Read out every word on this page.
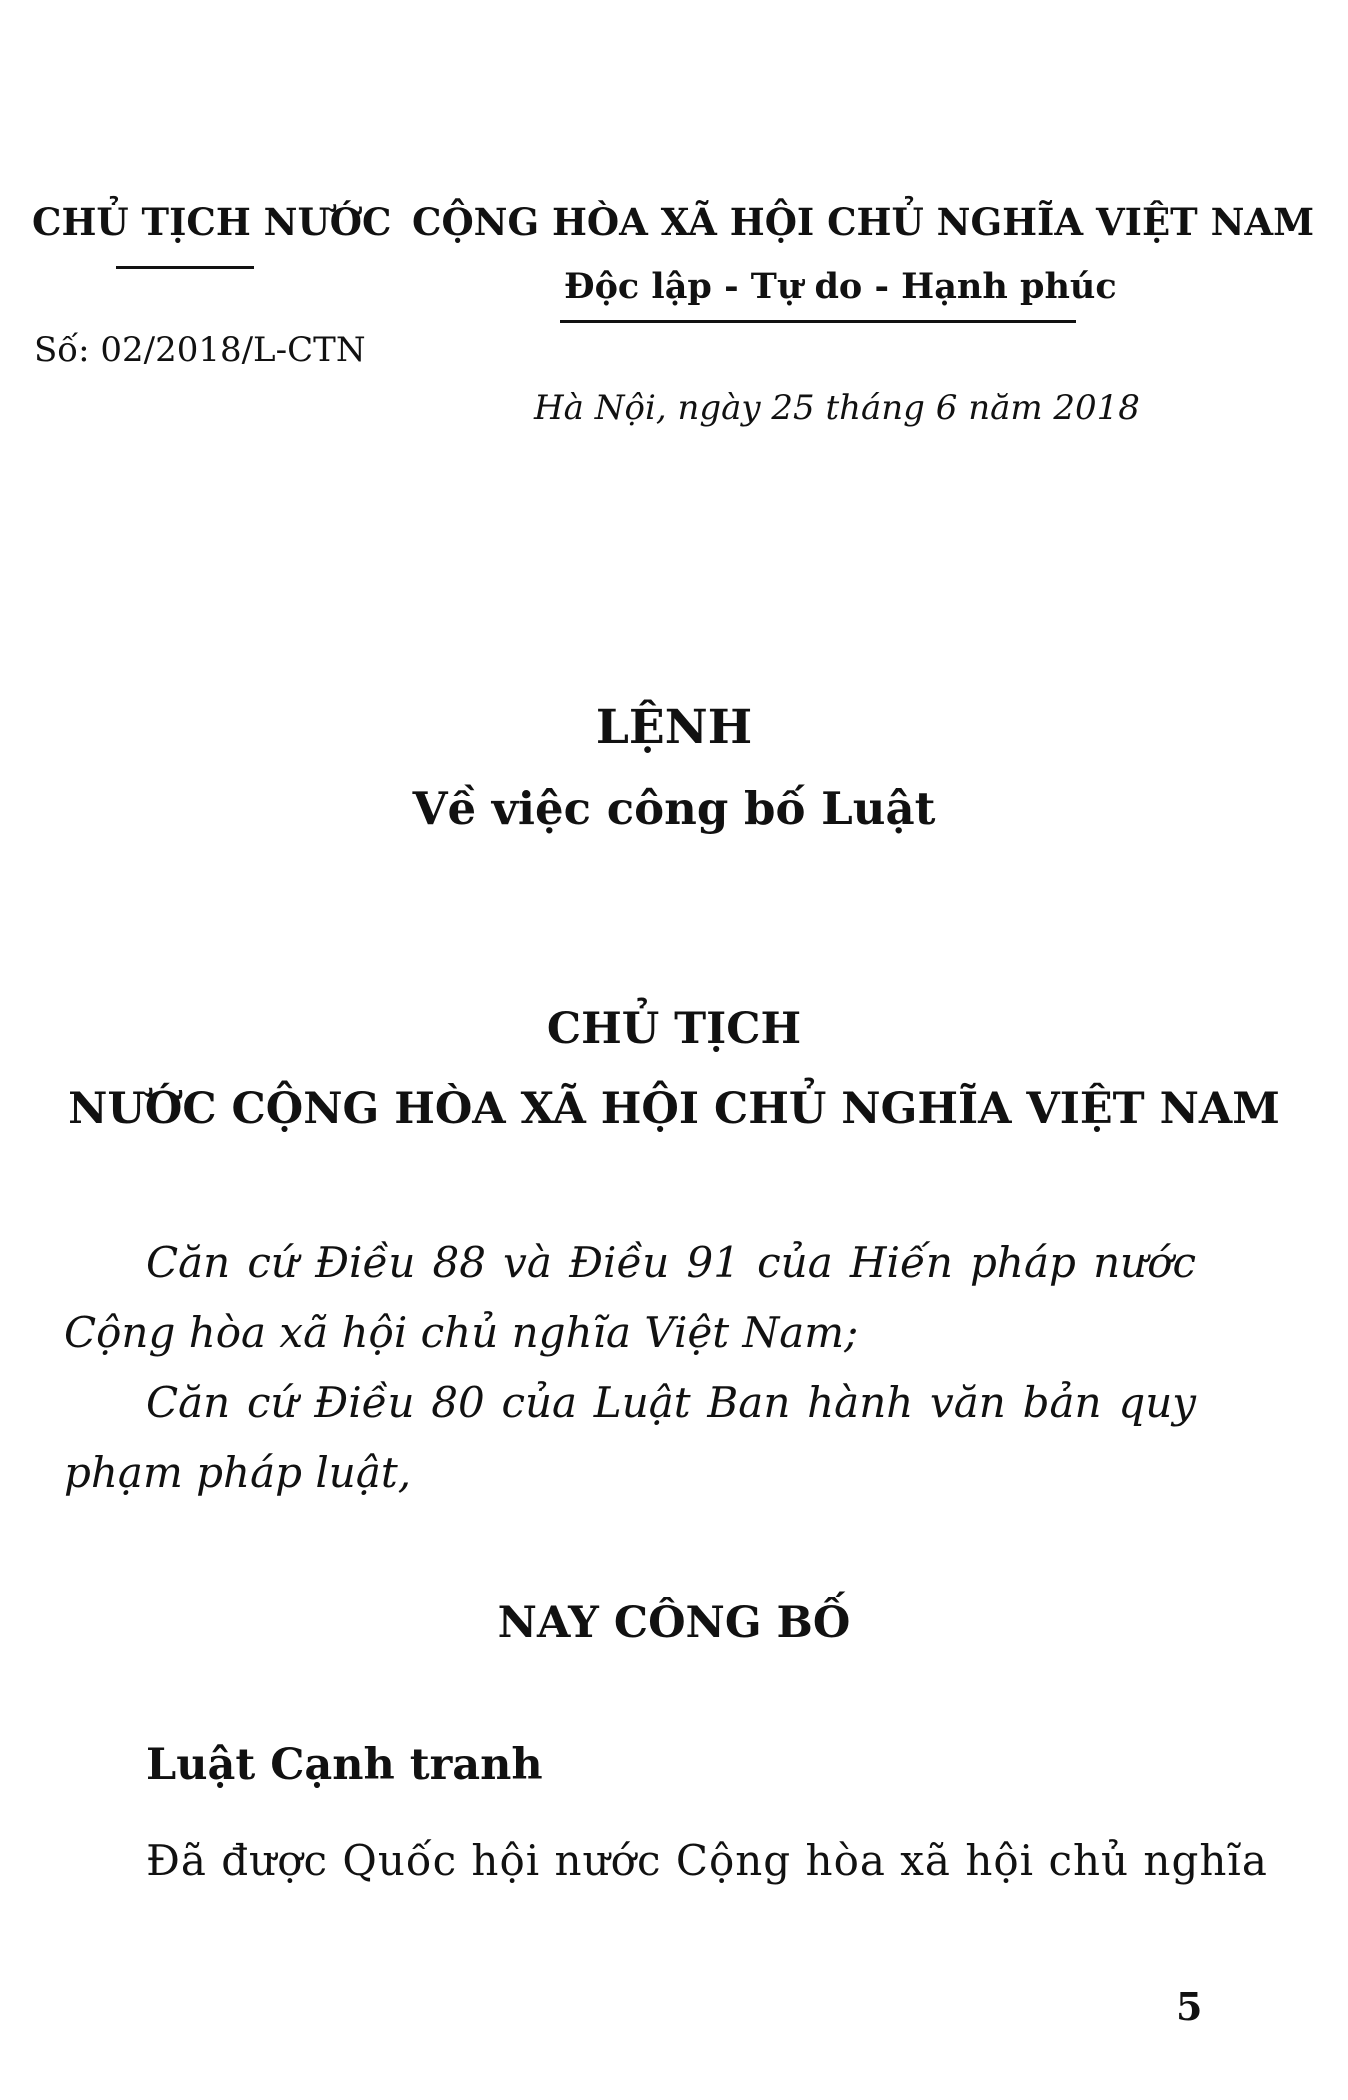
CHỦ TỊCH NƯỚC CỘNG HÒA XÃ HỘI CHỦ NGHĨA VIỆT NAM
Độc lập - Tự do - Hạnh phúc
Số: 02/2018/L-CTN
Hà Nội, ngày 25 tháng 6 năm 2018
LỆNH
Về việc công bố Luật
CHỦ TỊCH
NƯỚC CỘNG HÒA XÃ HỘI CHỦ NGHĨA VIỆT NAM
Căn cứ Điều 88 và Điều 91 của Hiến pháp nước Cộng hòa xã hội chủ nghĩa Việt Nam;
Căn cứ Điều 80 của Luật Ban hành văn bản quy phạm pháp luật,
NAY CÔNG BỐ
Luật Cạnh tranh
Đã được Quốc hội nước Cộng hòa xã hội chủ nghĩa
5
